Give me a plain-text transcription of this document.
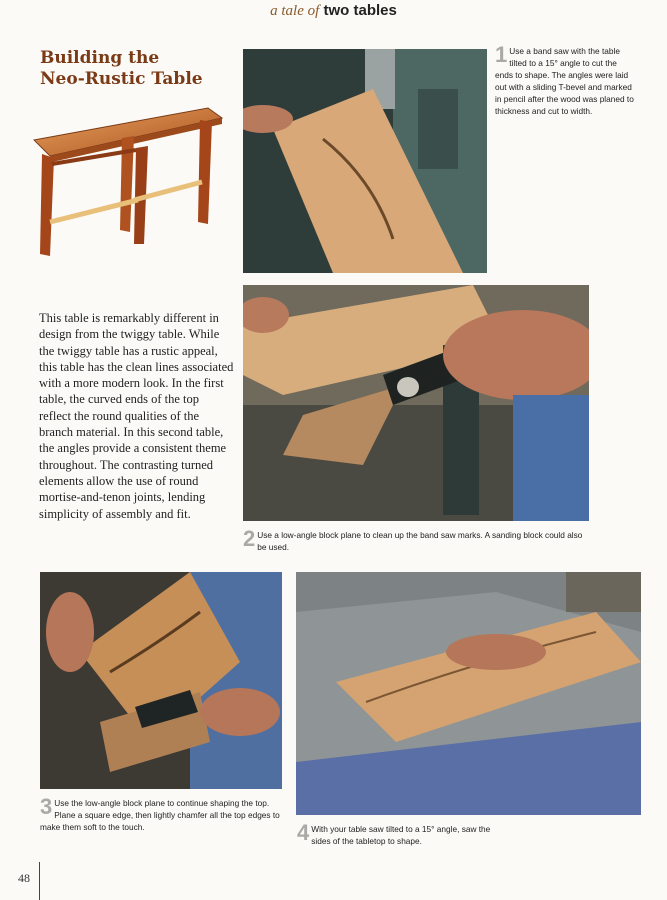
a tale of two tables
Building the
Neo-Rustic Table
This table is remarkably different in design from the twiggy table. While the twiggy table has a rustic appeal, this table has the clean lines associated with a more modern look. In the first table, the curved ends of the top reflect the round qualities of the branch material. In this second table, the angles provide a consistent theme throughout. The contrasting turned elements allow the use of round mortise-and-tenon joints, lending simplicity of assembly and fit.
1 Use a band saw with the table tilted to a 15° angle to cut the ends to shape. The angles were laid out with a sliding T-bevel and marked in pencil after the wood was planed to thickness and cut to width.
2 Use a low-angle block plane to clean up the band saw marks. A sanding block could also be used.
3 Use the low-angle block plane to continue shaping the top. Plane a square edge, then lightly chamfer all the top edges to make them soft to the touch.	4 With your table saw tilted to a 15° angle, saw the sides of the tabletop to shape.
48
